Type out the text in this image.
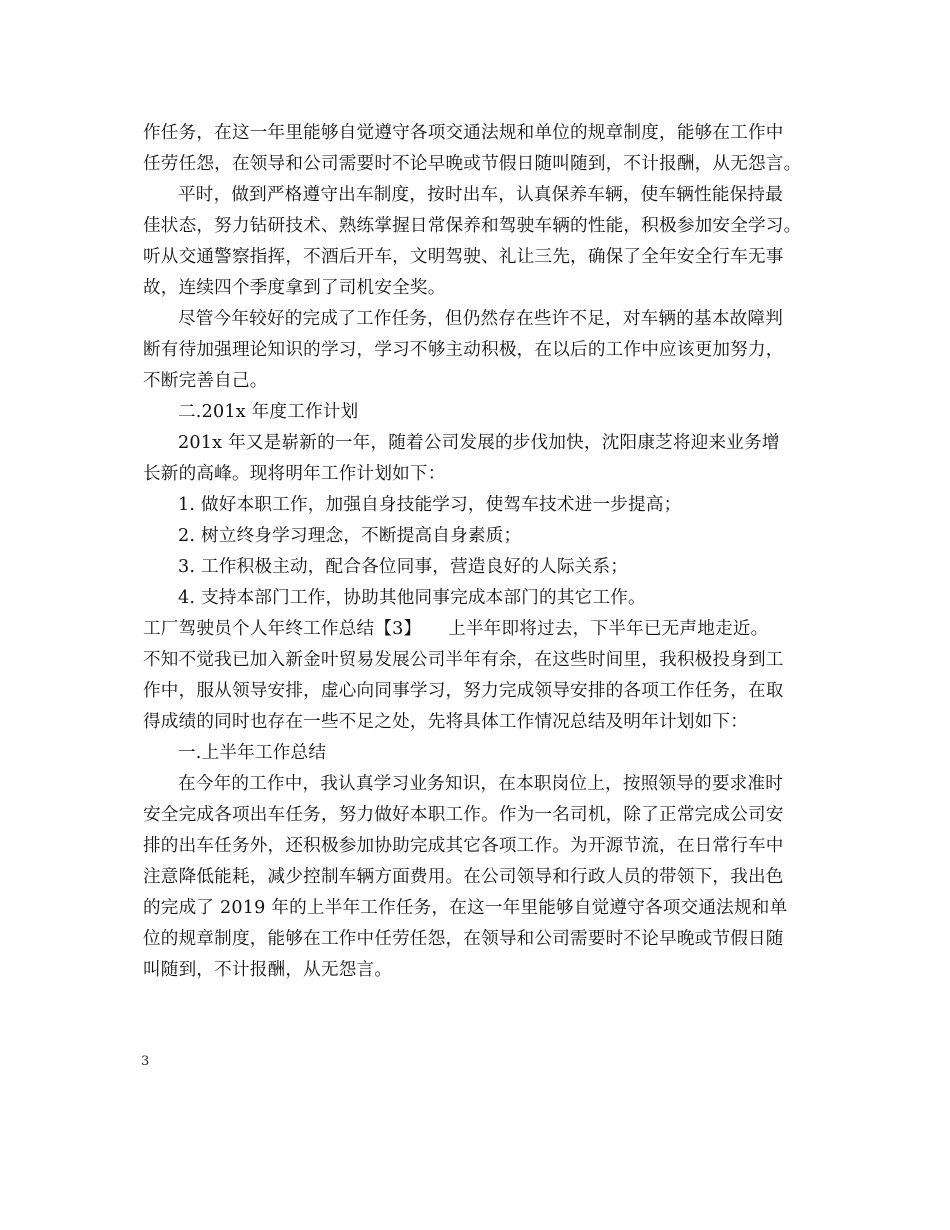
作任务，在这一年里能够自觉遵守各项交通法规和单位的规章制度，能够在工作中
任劳任怨，在领导和公司需要时不论早晚或节假日随叫随到，不计报酬，从无怨言。
平时，做到严格遵守出车制度，按时出车，认真保养车辆，使车辆性能保持最
佳状态，努力钻研技术、熟练掌握日常保养和驾驶车辆的性能，积极参加安全学习。
听从交通警察指挥，不酒后开车，文明驾驶、礼让三先，确保了全年安全行车无事
故，连续四个季度拿到了司机安全奖。
尽管今年较好的完成了工作任务，但仍然存在些许不足，对车辆的基本故障判
断有待加强理论知识的学习，学习不够主动积极，在以后的工作中应该更加努力，
不断完善自己。
二.201x 年度工作计划
201x 年又是崭新的一年，随着公司发展的步伐加快，沈阳康芝将迎来业务增
长新的高峰。现将明年工作计划如下：
1. 做好本职工作，加强自身技能学习，使驾车技术进一步提高；
2. 树立终身学习理念，不断提高自身素质；
3. 工作积极主动，配合各位同事，营造良好的人际关系；
4. 支持本部门工作，协助其他同事完成本部门的其它工作。
工厂驾驶员个人年终工作总结【3】　　上半年即将过去，下半年已无声地走近。
不知不觉我已加入新金叶贸易发展公司半年有余，在这些时间里，我积极投身到工
作中，服从领导安排，虚心向同事学习，努力完成领导安排的各项工作任务，在取
得成绩的同时也存在一些不足之处，先将具体工作情况总结及明年计划如下：
一.上半年工作总结
在今年的工作中，我认真学习业务知识，在本职岗位上，按照领导的要求准时
安全完成各项出车任务，努力做好本职工作。作为一名司机，除了正常完成公司安
排的出车任务外，还积极参加协助完成其它各项工作。为开源节流，在日常行车中
注意降低能耗，减少控制车辆方面费用。在公司领导和行政人员的带领下，我出色
的完成了 2019 年的上半年工作任务，在这一年里能够自觉遵守各项交通法规和单
位的规章制度，能够在工作中任劳任怨，在领导和公司需要时不论早晚或节假日随
叫随到，不计报酬，从无怨言。
3
